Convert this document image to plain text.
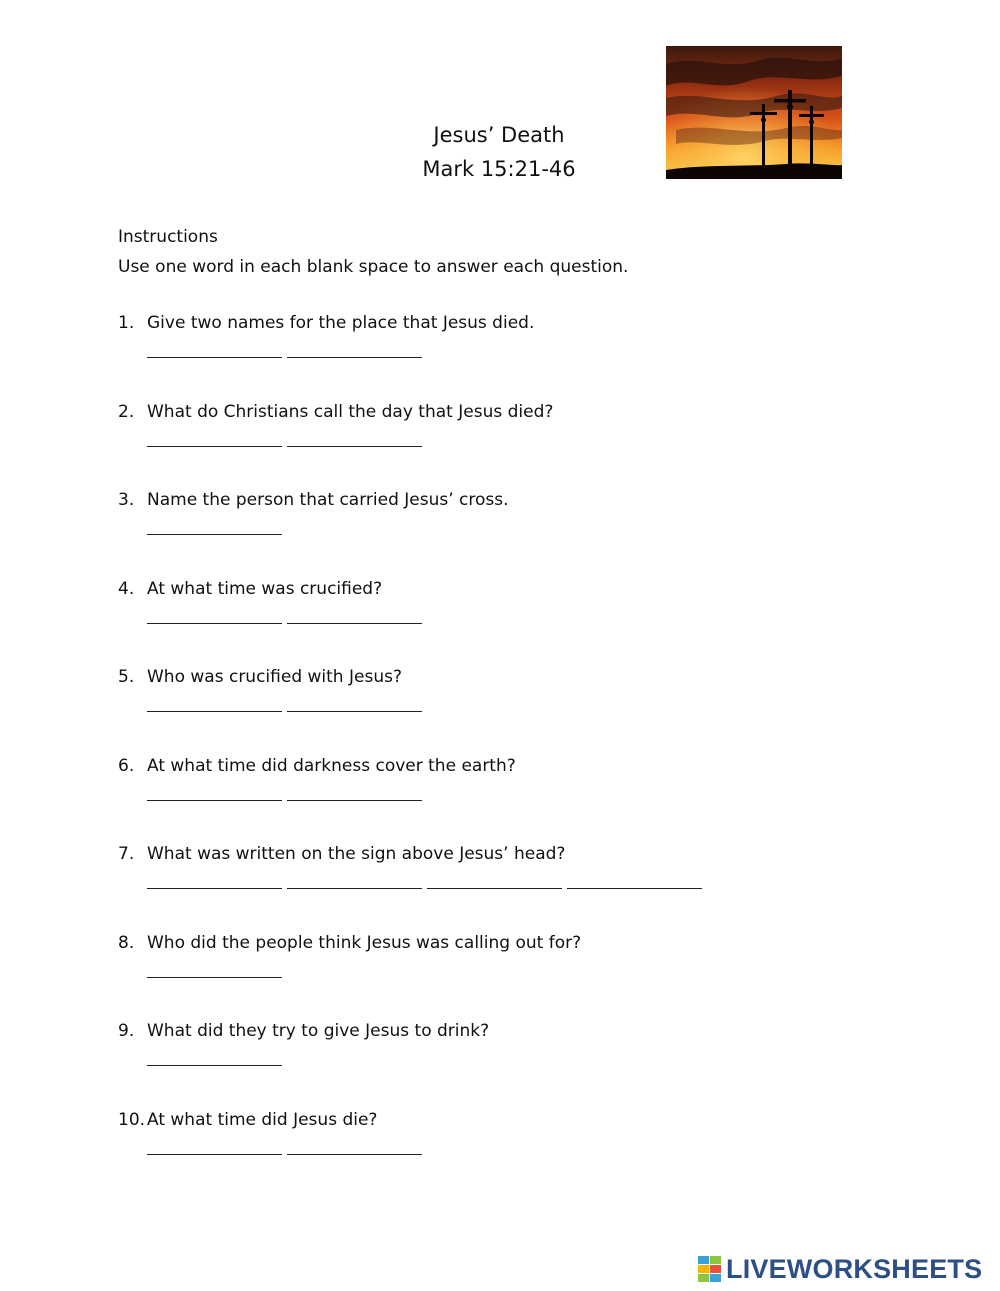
Jesus’ Death
Mark 15:21-46
Instructions
Use one word in each blank space to answer each question.
1. Give two names for the place that Jesus died.
2. What do Christians call the day that Jesus died?
3. Name the person that carried Jesus’ cross.
4. At what time was crucified?
5. Who was crucified with Jesus?
6. At what time did darkness cover the earth?
7. What was written on the sign above Jesus’ head?
8. Who did the people think Jesus was calling out for?
9. What did they try to give Jesus to drink?
10. At what time did Jesus die?
LIVEWORKSHEETS
